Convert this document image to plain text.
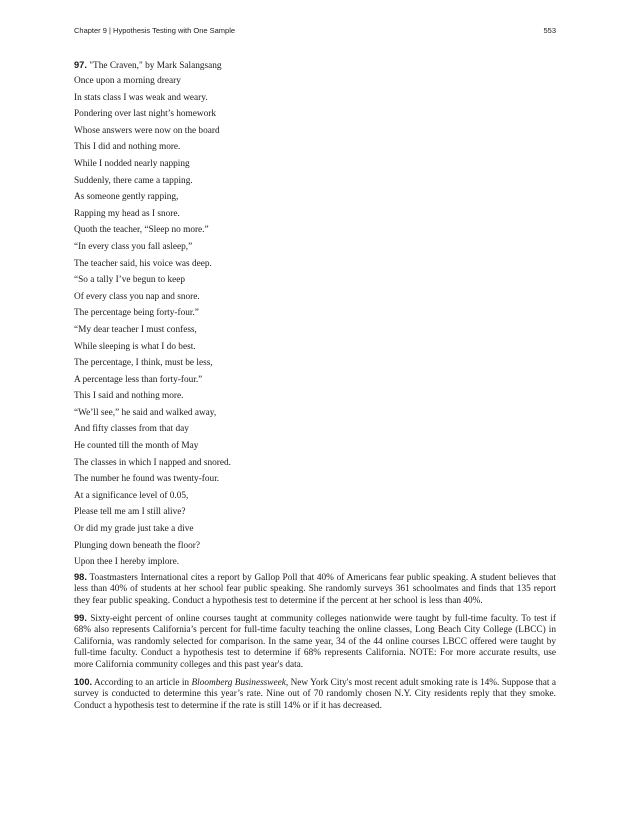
Chapter 9 | Hypothesis Testing with One Sample	553

97. "The Craven," by Mark Salangsang

Once upon a morning dreary

In stats class I was weak and weary.

Pondering over last night’s homework

Whose answers were now on the board

This I did and nothing more.

While I nodded nearly napping

Suddenly, there came a tapping.

As someone gently rapping,

Rapping my head as I snore.

Quoth the teacher, “Sleep no more.”

“In every class you fall asleep,”

The teacher said, his voice was deep.

“So a tally I’ve begun to keep

Of every class you nap and snore.

The percentage being forty-four.”

“My dear teacher I must confess,

While sleeping is what I do best.

The percentage, I think, must be less,

A percentage less than forty-four.”

This I said and nothing more.

“We’ll see,” he said and walked away,

And fifty classes from that day

He counted till the month of May

The classes in which I napped and snored.

The number he found was twenty-four.

At a significance level of 0.05,

Please tell me am I still alive?

Or did my grade just take a dive

Plunging down beneath the floor?

Upon thee I hereby implore.

98. Toastmasters International cites a report by Gallop Poll that 40% of Americans fear public speaking. A student believes that less than 40% of students at her school fear public speaking. She randomly surveys 361 schoolmates and finds that 135 report they fear public speaking. Conduct a hypothesis test to determine if the percent at her school is less than 40%.

99. Sixty-eight percent of online courses taught at community colleges nationwide were taught by full-time faculty. To test if 68% also represents California’s percent for full-time faculty teaching the online classes, Long Beach City College (LBCC) in California, was randomly selected for comparison. In the same year, 34 of the 44 online courses LBCC offered were taught by full-time faculty. Conduct a hypothesis test to determine if 68% represents California. NOTE: For more accurate results, use more California community colleges and this past year's data.

100. According to an article in Bloomberg Businessweek, New York City's most recent adult smoking rate is 14%. Suppose that a survey is conducted to determine this year’s rate. Nine out of 70 randomly chosen N.Y. City residents reply that they smoke. Conduct a hypothesis test to determine if the rate is still 14% or if it has decreased.
